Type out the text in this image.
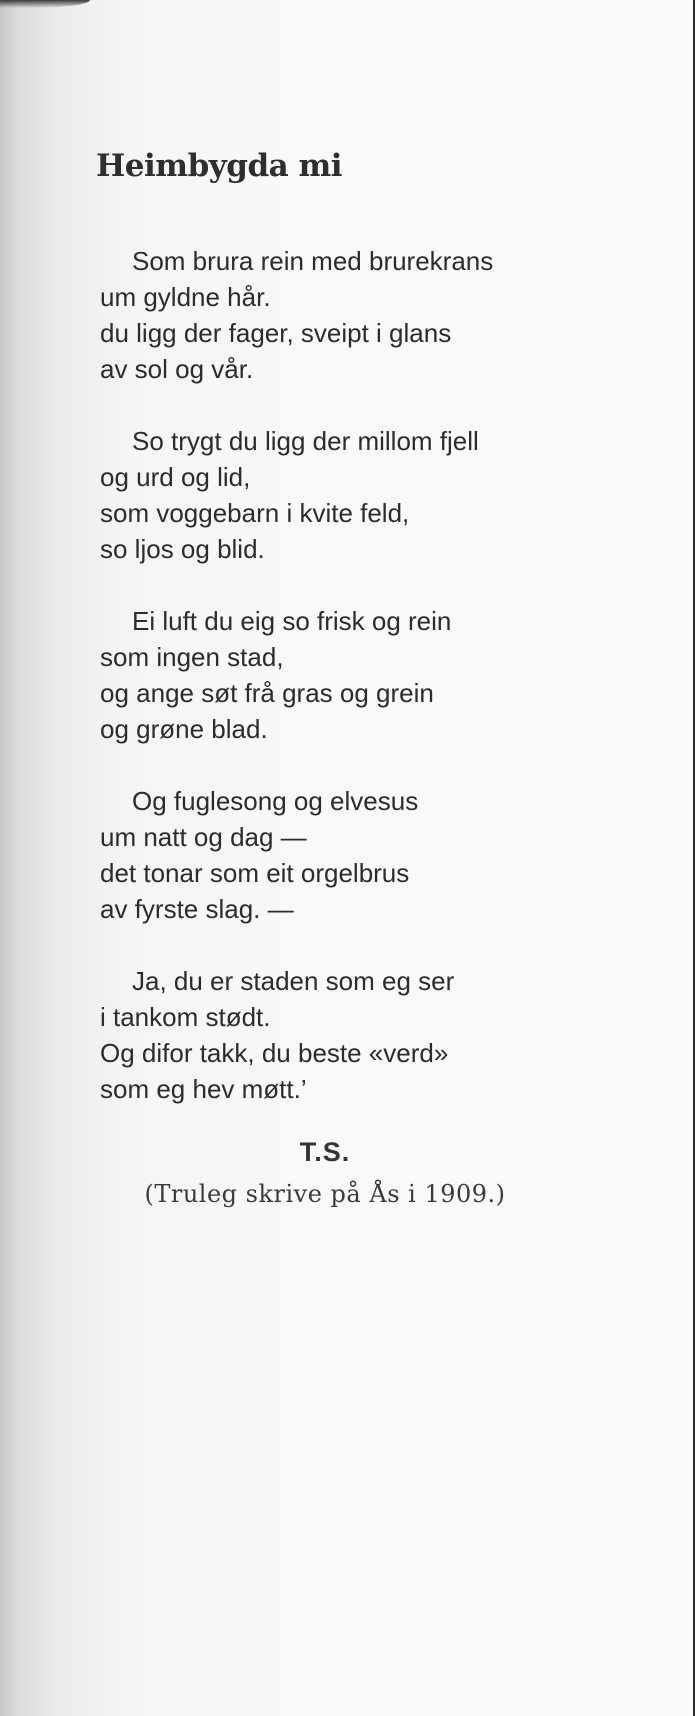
Heimbygda mi
Som brura rein med brurekrans
um gyldne hår.
du ligg der fager, sveipt i glans
av sol og vår.
So trygt du ligg der millom fjell
og urd og lid,
som voggebarn i kvite feld,
so ljos og blid.
Ei luft du eig so frisk og rein
som ingen stad,
og ange søt frå gras og grein
og grøne blad.
Og fuglesong og elvesus
um natt og dag —
det tonar som eit orgelbrus
av fyrste slag. —
Ja, du er staden som eg ser
i tankom stødt.
Og difor takk, du beste «verd»
som eg hev møtt.’
T.S.
(Truleg skrive på Ås i 1909.)
